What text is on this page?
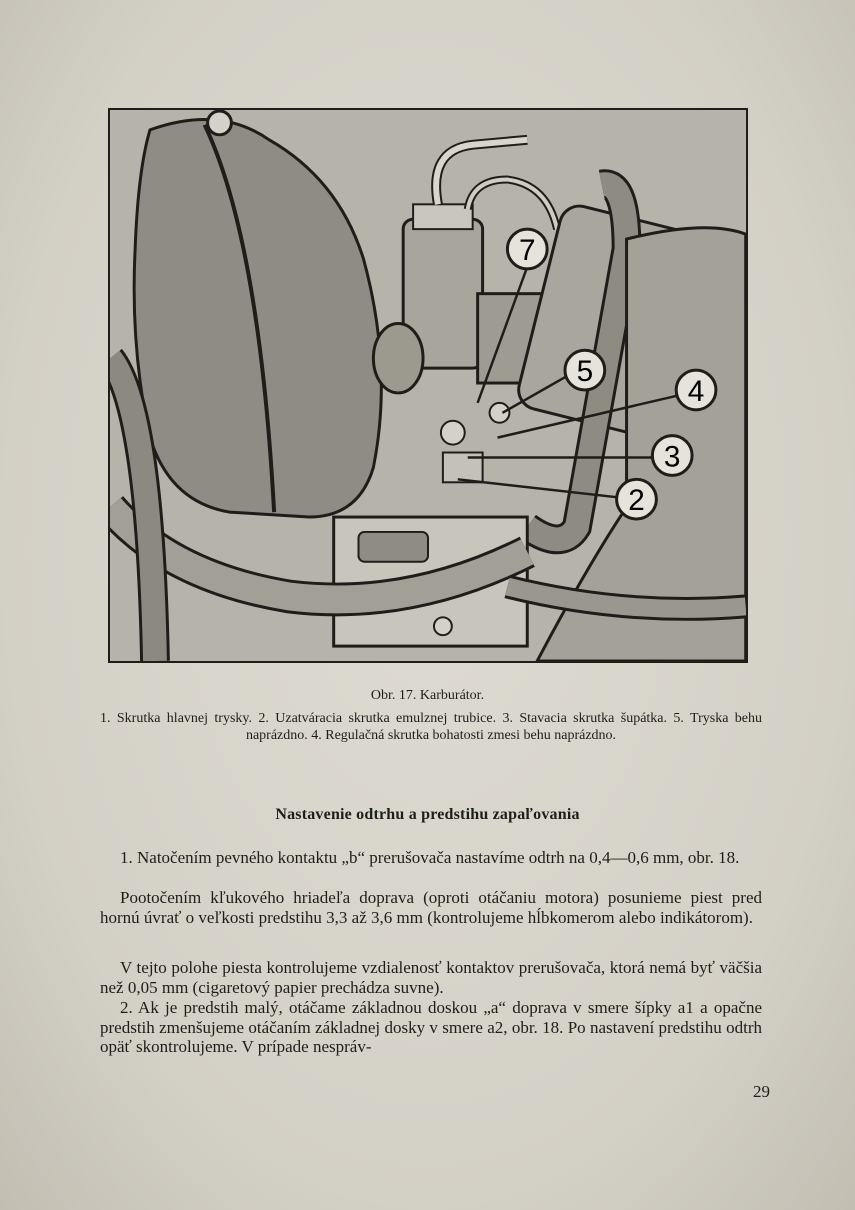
7
5
4
3
2
Obr. 17. Karburátor.
1. Skrutka hlavnej trysky. 2. Uzatváracia skrutka emulznej trubice. 3. Stavacia skrutka šupátka. 5. Tryska behu naprázdno. 4. Regulačná skrutka bohatosti zmesi behu naprázdno.
Nastavenie odtrhu a predstihu zapaľovania

1. Natočením pevného kontaktu „b“ prerušovača nastavíme odtrh na 0,4—0,6 mm, obr. 18.

Pootočením kľukového hriadeľa doprava (oproti otáčaniu motora) posunieme piest pred hornú úvrať o veľkosti predstihu 3,3 až 3,6 mm (kontrolujeme hĺbkomerom alebo indikátorom).

V tejto polohe piesta kontrolujeme vzdialenosť kontaktov prerušovača, ktorá nemá byť väčšia než 0,05 mm (cigaretový papier prechádza suvne).

2. Ak je predstih malý, otáčame základnou doskou „a“ doprava v smere šípky a1 a opačne predstih zmenšujeme otáčaním základnej dosky v smere a2, obr. 18. Po nastavení predstihu odtrh opäť skontrolujeme. V prípade nespráv-

29
